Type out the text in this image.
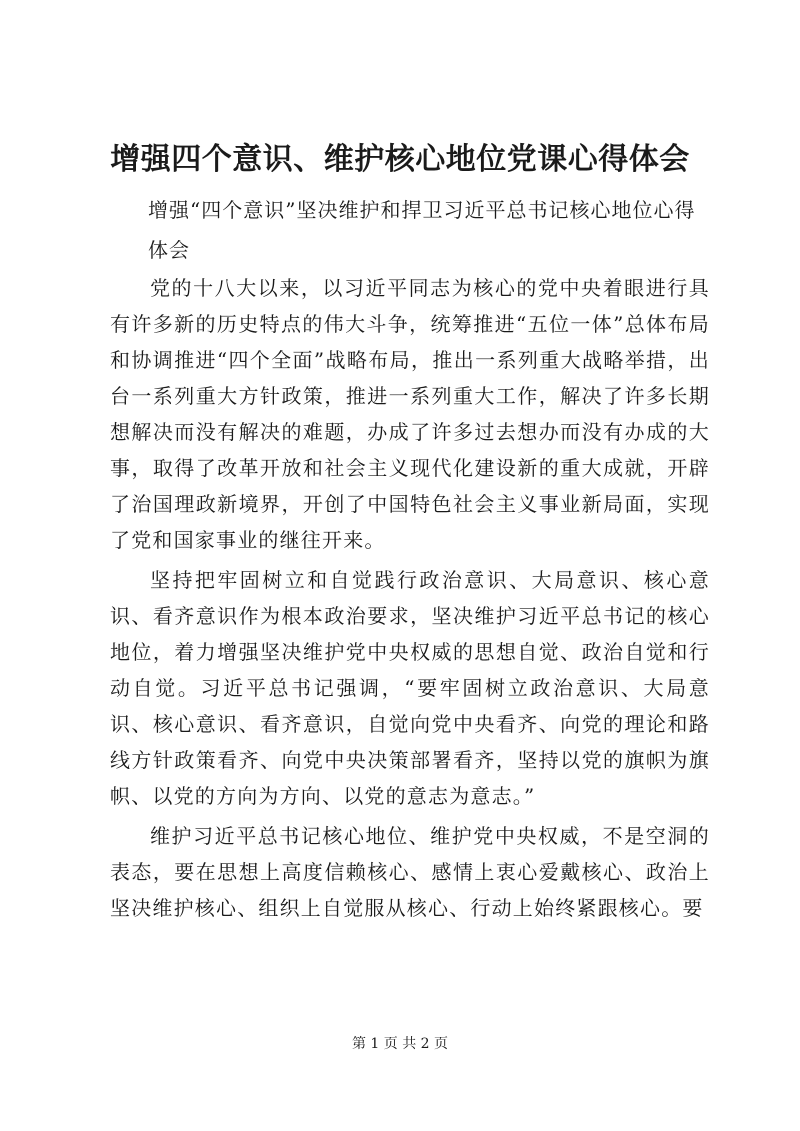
增强四个意识、维护核心地位党课心得体会
增强“四个意识”坚决维护和捍卫习近平总书记核心地位心得体会

党的十八大以来，以习近平同志为核心的党中央着眼进行具有许多新的历史特点的伟大斗争，统筹推进“五位一体”总体布局和协调推进“四个全面”战略布局，推出一系列重大战略举措，出台一系列重大方针政策，推进一系列重大工作，解决了许多长期想解决而没有解决的难题，办成了许多过去想办而没有办成的大事，取得了改革开放和社会主义现代化建设新的重大成就，开辟了治国理政新境界，开创了中国特色社会主义事业新局面，实现了党和国家事业的继往开来。

坚持把牢固树立和自觉践行政治意识、大局意识、核心意识、看齐意识作为根本政治要求，坚决维护习近平总书记的核心地位，着力增强坚决维护党中央权威的思想自觉、政治自觉和行动自觉。习近平总书记强调，“要牢固树立政治意识、大局意识、核心意识、看齐意识，自觉向党中央看齐、向党的理论和路线方针政策看齐、向党中央决策部署看齐，坚持以党的旗帜为旗帜、以党的方向为方向、以党的意志为意志。”

维护习近平总书记核心地位、维护党中央权威，不是空洞的表态，要在思想上高度信赖核心、感情上衷心爱戴核心、政治上坚决维护核心、组织上自觉服从核心、行动上始终紧跟核心。要

第 1 页 共 2 页
